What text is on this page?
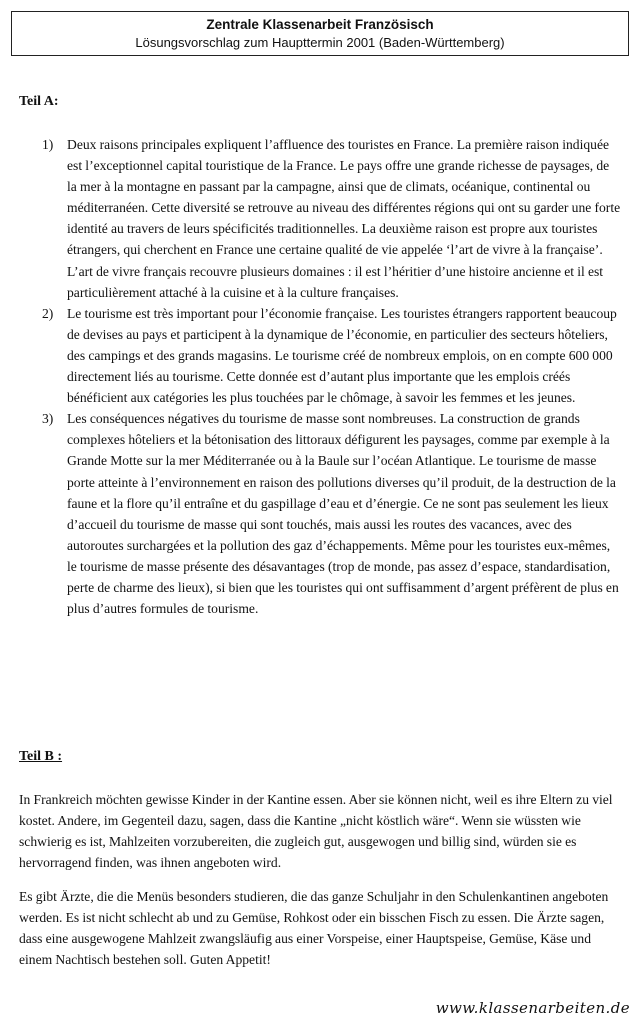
Zentrale Klassenarbeit Französisch
Lösungsvorschlag zum Haupttermin 2001 (Baden-Württemberg)
Teil A:
1) Deux raisons principales expliquent l’affluence des touristes en France. La première raison indiquée est l’exceptionnel capital touristique de la France. Le pays offre une grande richesse de paysages, de la mer à la montagne en passant par la campagne, ainsi que de climats, océanique, continental ou méditerranéen. Cette diversité se retrouve au niveau des différentes régions qui ont su garder une forte identité au travers de leurs spécificités traditionnelles. La deuxième raison est propre aux touristes étrangers, qui cherchent en France une certaine qualité de vie appelée ‘l’art de vivre à la française’. L’art de vivre français recouvre plusieurs domaines : il est l’héritier d’une histoire ancienne et il est particulièrement attaché à la cuisine et à la culture françaises.
2) Le tourisme est très important pour l’économie française. Les touristes étrangers rapportent beaucoup de devises au pays et participent à la dynamique de l’économie, en particulier des secteurs hôteliers, des campings et des grands magasins. Le tourisme créé de nombreux emplois, on en compte 600 000 directement liés au tourisme. Cette donnée est d’autant plus importante que les emplois créés bénéficient aux catégories les plus touchées par le chômage, à savoir les femmes et les jeunes.
3) Les conséquences négatives du tourisme de masse sont nombreuses. La construction de grands complexes hôteliers et la bétonisation des littoraux défigurent les paysages, comme par exemple à la Grande Motte sur la mer Méditerranée ou à la Baule sur l’océan Atlantique. Le tourisme de masse porte atteinte à l’environnement en raison des pollutions diverses qu’il produit, de la destruction de la faune et la flore qu’il entraîne et du gaspillage d’eau et d’énergie. Ce ne sont pas seulement les lieux d’accueil du tourisme de masse qui sont touchés, mais aussi les routes des vacances, avec des autoroutes surchargées et la pollution des gaz d’échappements. Même pour les touristes eux-mêmes, le tourisme de masse présente des désavantages (trop de monde, pas assez d’espace, standardisation, perte de charme des lieux), si bien que les touristes qui ont suffisamment d’argent préfèrent de plus en plus d’autres formules de tourisme.
Teil B :

In Frankreich möchten gewisse Kinder in der Kantine essen. Aber sie können nicht, weil es ihre Eltern zu viel kostet. Andere, im Gegenteil dazu, sagen, dass die Kantine „nicht köstlich wäre“. Wenn sie wüssten wie schwierig es ist, Mahlzeiten vorzubereiten, die zugleich gut, ausgewogen und billig sind, würden sie es hervorragend finden, was ihnen angeboten wird.

Es gibt Ärzte, die die Menüs besonders studieren, die das ganze Schuljahr in den Schulenkantinen angeboten werden. Es ist nicht schlecht ab und zu Gemüse, Rohkost oder ein bisschen Fisch zu essen. Die Ärzte sagen, dass eine ausgewogene Mahlzeit zwangsläufig aus einer Vorspeise, einer Hauptspeise, Gemüse, Käse und einem Nachtisch bestehen soll. Guten Appetit!

www.klassenarbeiten.de
